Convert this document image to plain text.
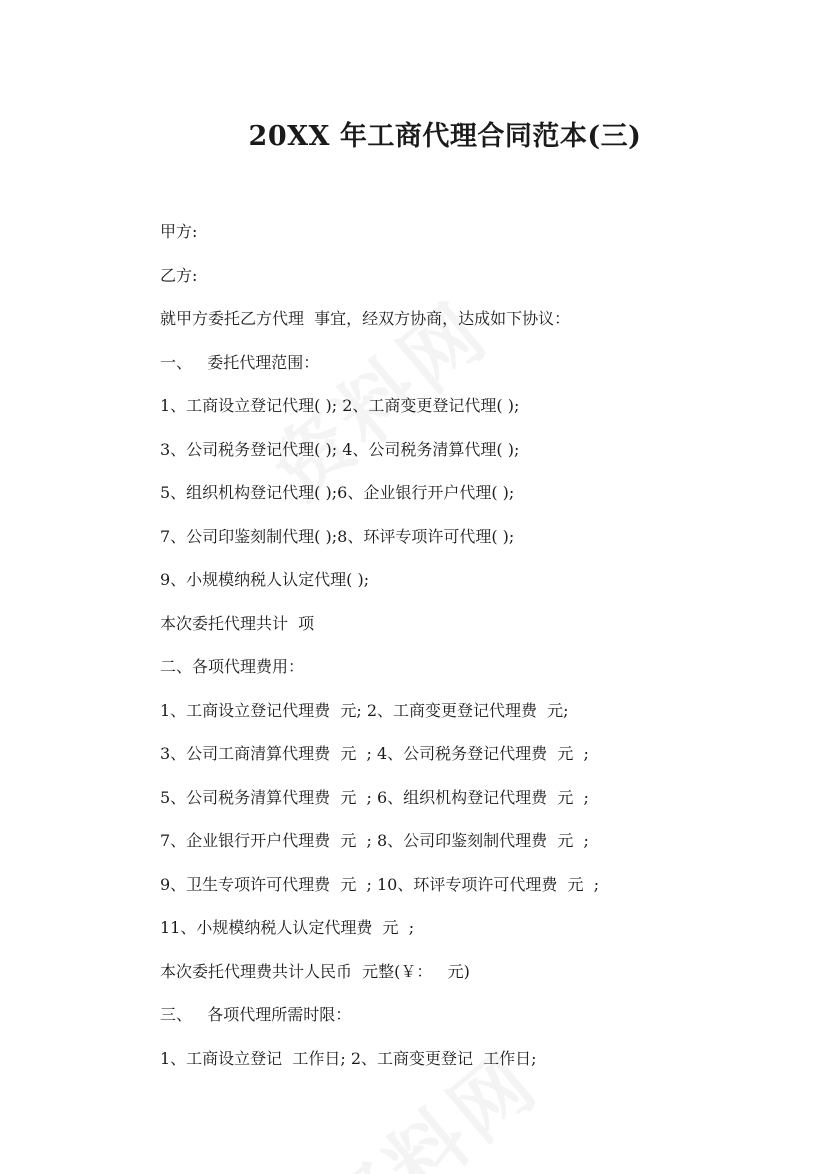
20XX 年工商代理合同范本(三)
甲方:
乙方:
就甲方委托乙方代理  事宜，经双方协商，达成如下协议：
一、   委托代理范围：
1、工商设立登记代理( ); 2、工商变更登记代理( );
3、公司税务登记代理( ); 4、公司税务清算代理( );
5、组织机构登记代理( );6、企业银行开户代理( );
7、公司印鉴刻制代理( );8、环评专项许可代理( );
9、小规模纳税人认定代理( );
本次委托代理共计  项
二、各项代理费用：
1、工商设立登记代理费  元; 2、工商变更登记代理费  元;
3、公司工商清算代理费  元  ; 4、公司税务登记代理费  元  ;
5、公司税务清算代理费  元  ; 6、组织机构登记代理费  元  ;
7、企业银行开户代理费  元  ; 8、公司印鉴刻制代理费  元  ;
9、卫生专项许可代理费  元  ; 10、环评专项许可代理费  元  ;
11、小规模纳税人认定代理费  元  ;
本次委托代理费共计人民币  元整(￥：   元)
三、   各项代理所需时限：
1、工商设立登记  工作日; 2、工商变更登记  工作日;
